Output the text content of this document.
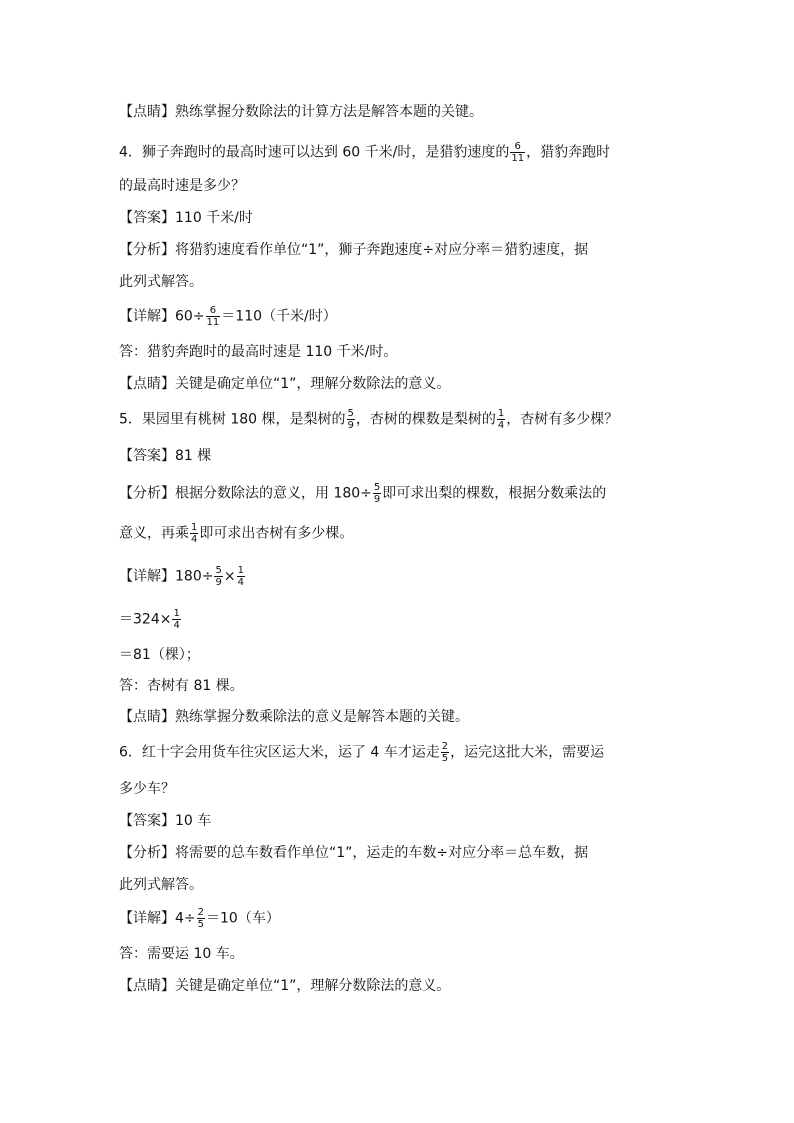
【点睛】熟练掌握分数除法的计算方法是解答本题的关键。
4．狮子奔跑时的最高时速可以达到 60 千米/时，是猎豹速度的 $\frac{6}{11}$ ，猎豹奔跑时
的最高时速是多少？
【答案】110 千米/时
【分析】将猎豹速度看作单位“1”，狮子奔跑速度÷对应分率＝猎豹速度，据
此列式解答。
【详解】$60\div \frac{6}{11} =110$（千米/时）
答：猎豹奔跑时的最高时速是 110 千米/时。
【点睛】关键是确定单位“1”，理解分数除法的意义。
5．果园里有桃树 180 棵，是梨树的 $\frac{5}{9}$ ，杏树的棵数是梨树的 $\frac{1}{4}$ ，杏树有多少棵？
【答案】81 棵
【分析】根据分数除法的意义，用 $180\div \frac{5}{9}$ 即可求出梨的棵数，根据分数乘法的
意义，再乘 $\frac{1}{4}$ 即可求出杏树有多少棵。
【详解】$180\div \frac{5}{9} \times \frac{1}{4}$
$=324\times \frac{1}{4}$
＝81（棵）；
答：杏树有 81 棵。
【点睛】熟练掌握分数乘除法的意义是解答本题的关键。
6．红十字会用货车往灾区运大米，运了 4 车才运走 $\frac{2}{5}$ ，运完这批大米，需要运
多少车？
【答案】10 车
【分析】将需要的总车数看作单位“1”，运走的车数÷对应分率＝总车数，据
此列式解答。
【详解】$4\div \frac{2}{5} =10$（车）
答：需要运 10 车。
【点睛】关键是确定单位“1”，理解分数除法的意义。
